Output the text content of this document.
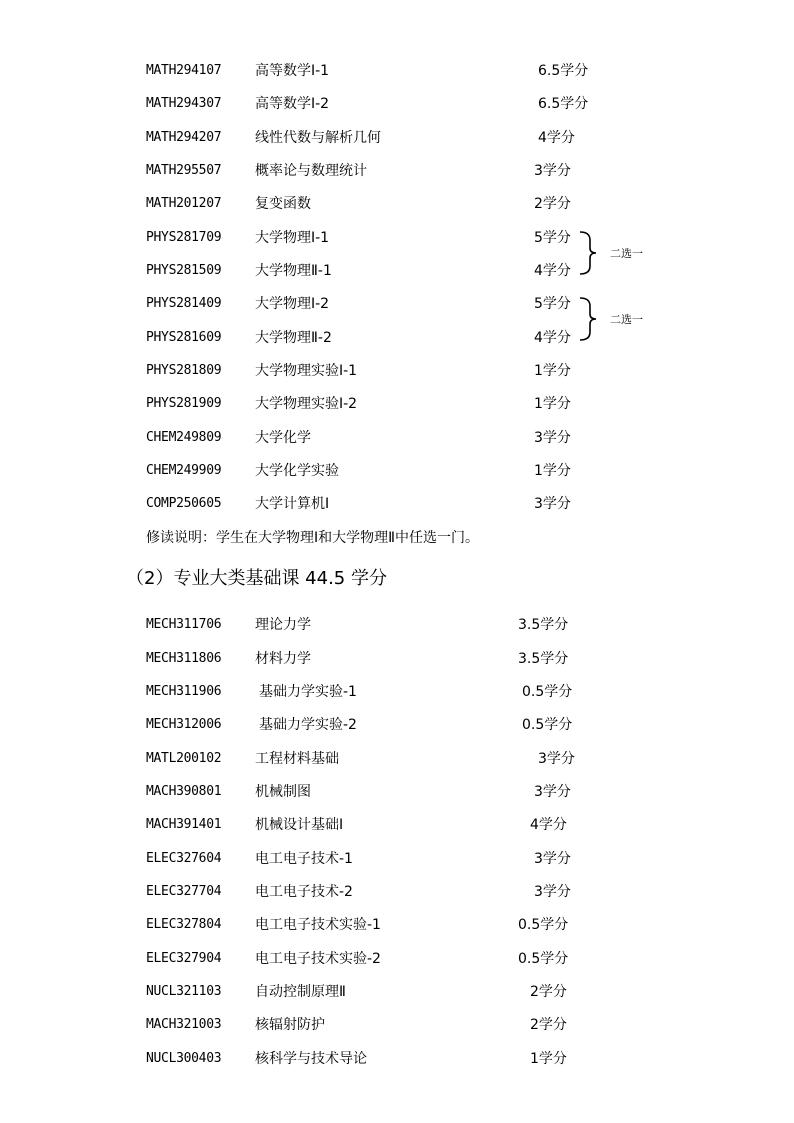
MATH294107 高等数学Ⅰ-1	6.5学分
MATH294307 高等数学Ⅰ-2	6.5学分
MATH294207 线性代数与解析几何	4学分
MATH295507 概率论与数理统计	3学分
MATH201207 复变函数	2学分
PHYS281709 大学物理Ⅰ-1	5学分
PHYS281509 大学物理Ⅱ-1	4学分
PHYS281409 大学物理Ⅰ-2	5学分
PHYS281609 大学物理Ⅱ-2	4学分
PHYS281809 大学物理实验Ⅰ-1	1学分
PHYS281909 大学物理实验Ⅰ-2	1学分
CHEM249809 大学化学	3学分
CHEM249909 大学化学实验	1学分
COMP250605 大学计算机Ⅰ	3学分
二选一
二选一
修读说明：学生在大学物理Ⅰ和大学物理Ⅱ中任选一门。
（2）专业大类基础课 44.5 学分
MECH311706 理论力学	3.5学分
MECH311806 材料力学	3.5学分
MECH311906	基础力学实验-1	0.5学分
MECH312006	基础力学实验-2	0.5学分
MATL200102 工程材料基础	3学分
MACH390801 机械制图	3学分
MACH391401 机械设计基础Ⅰ	4学分
ELEC327604 电工电子技术-1	3学分
ELEC327704 电工电子技术-2	3学分
ELEC327804 电工电子技术实验-1	0.5学分
ELEC327904 电工电子技术实验-2	0.5学分
NUCL321103 自动控制原理Ⅱ	2学分
MACH321003 核辐射防护	2学分
NUCL300403 核科学与技术导论	1学分
